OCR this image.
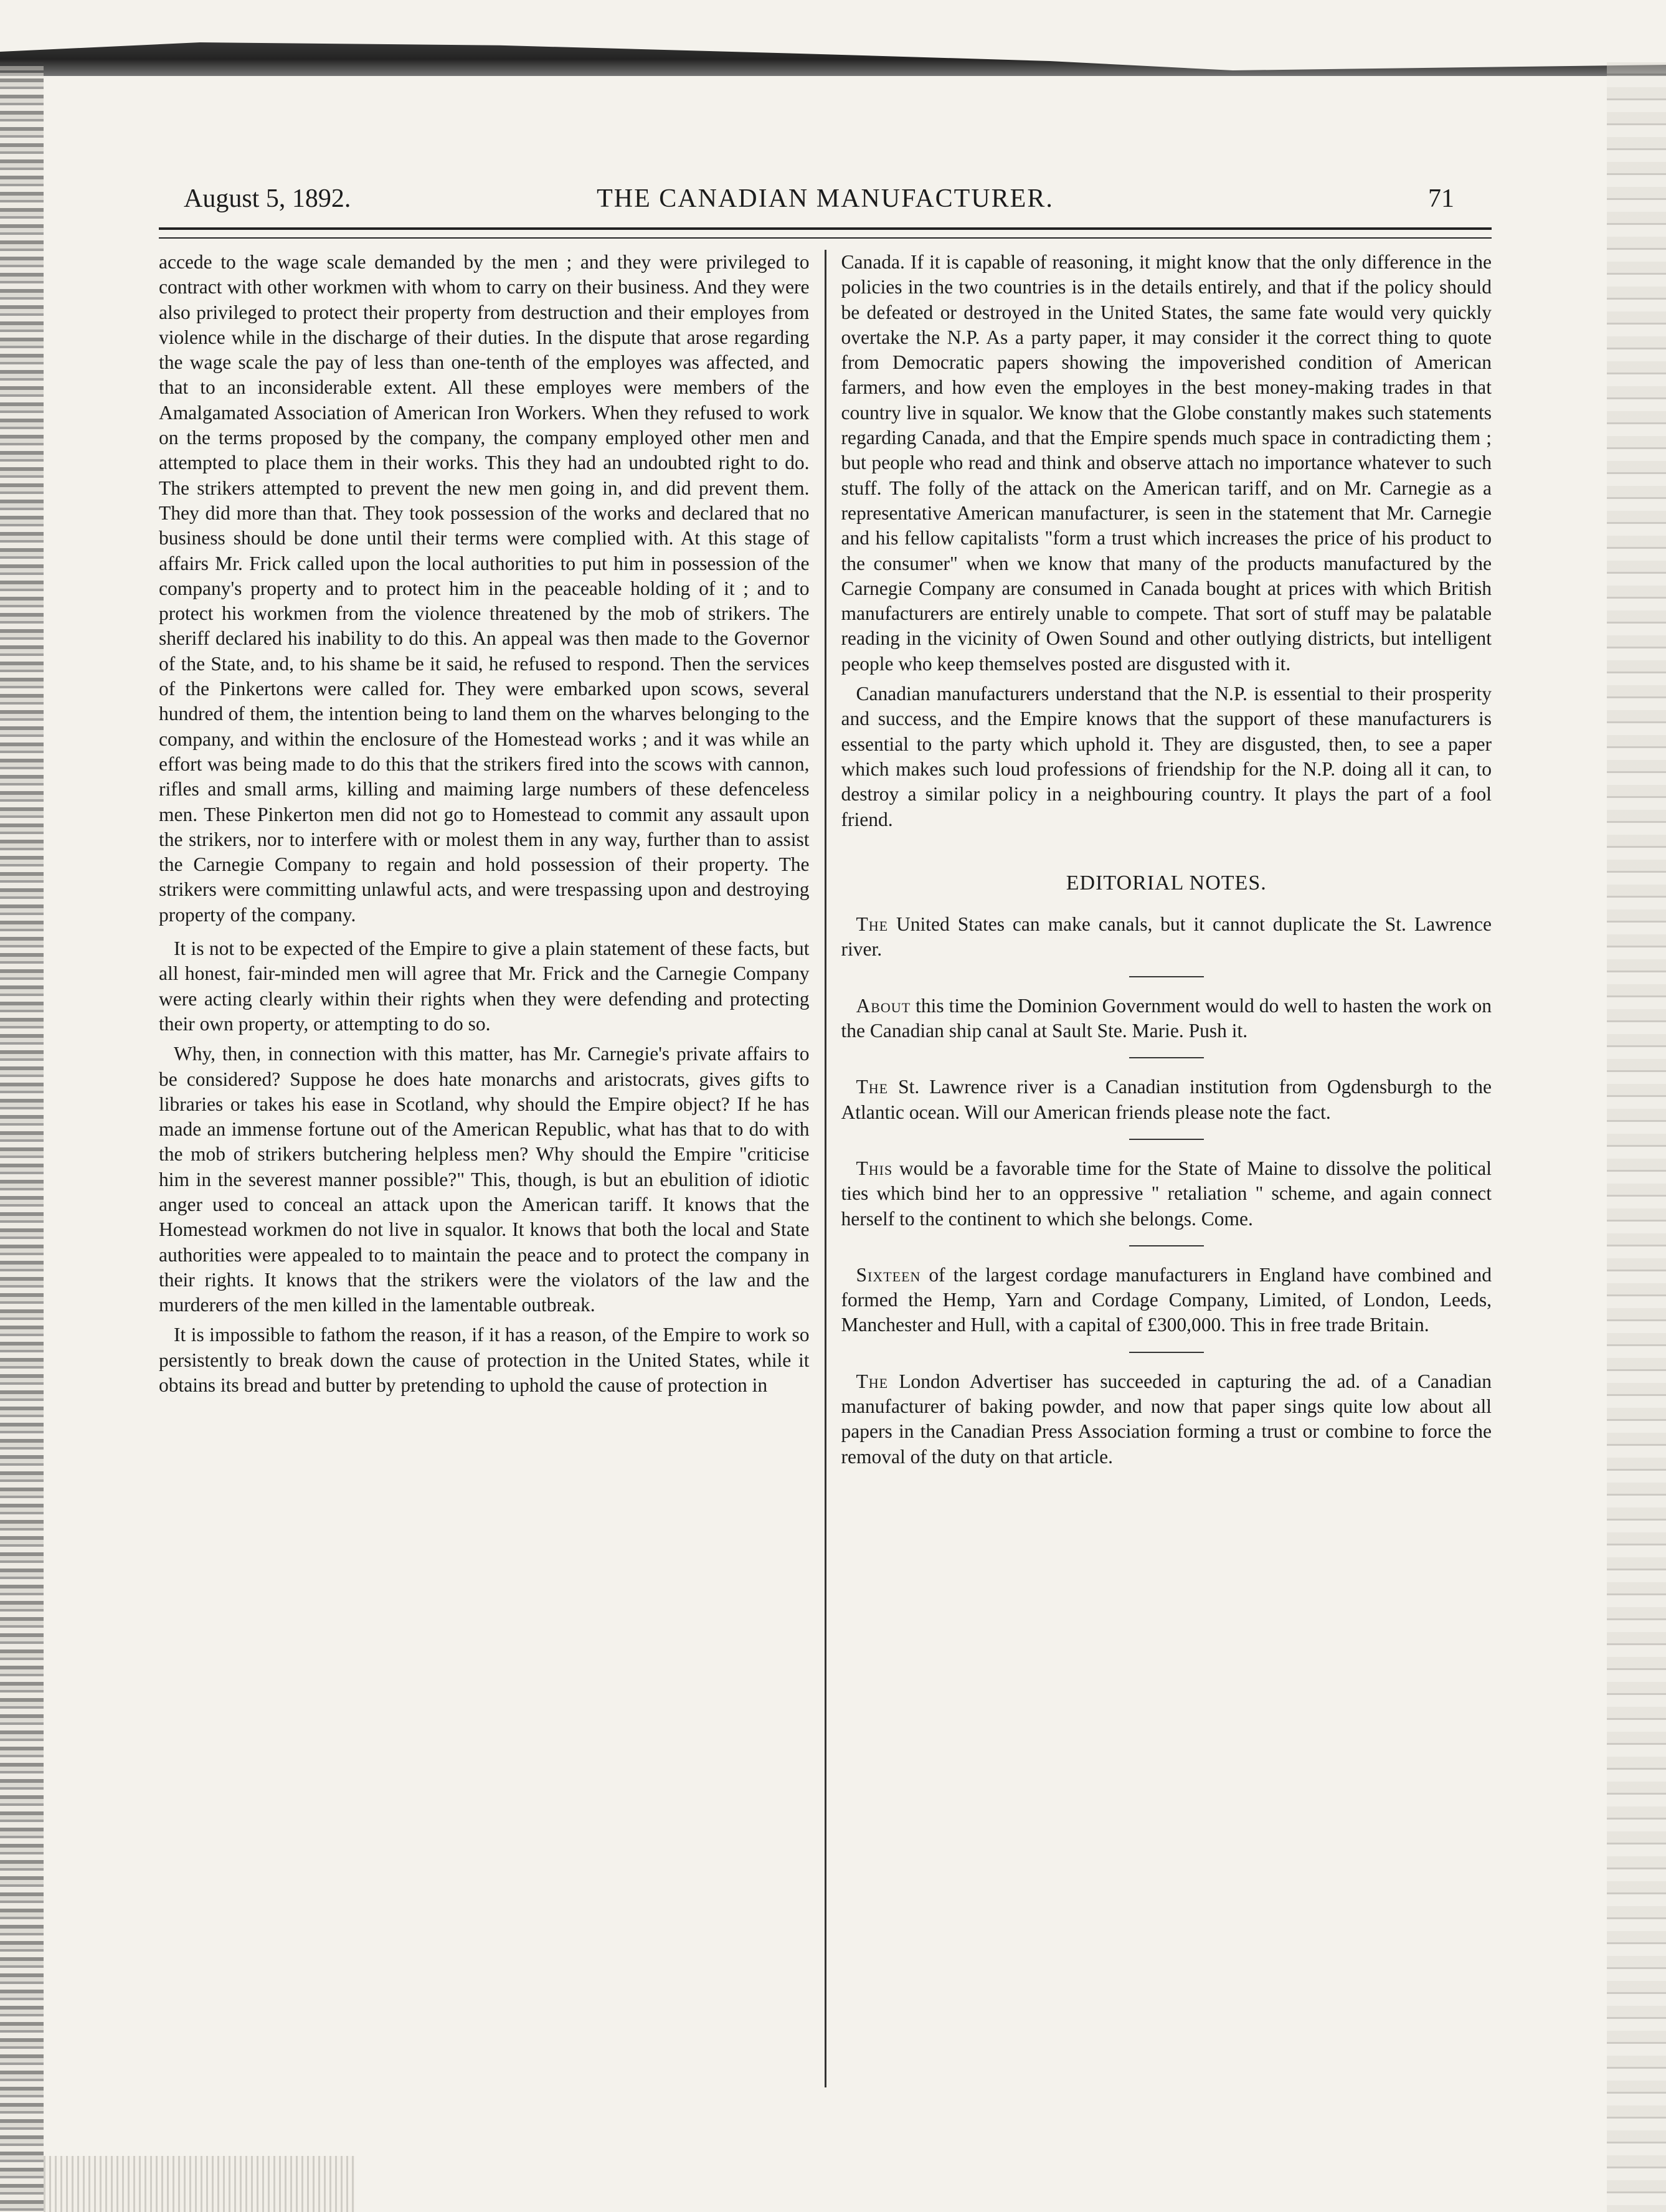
August 5, 1892.	THE CANADIAN MANUFACTURER.	71

accede to the wage scale demanded by the men ; and they were privileged to contract with other workmen with whom to carry on their business. And they were also privileged to protect their property from destruction and their employes from violence while in the discharge of their duties. In the dispute that arose regarding the wage scale the pay of less than one-tenth of the employes was affected, and that to an inconsiderable extent. All these employes were members of the Amalgamated Association of American Iron Workers. When they refused to work on the terms proposed by the company, the company employed other men and attempted to place them in their works. This they had an undoubted right to do. The strikers attempted to prevent the new men going in, and did prevent them. They did more than that. They took possession of the works and declared that no business should be done until their terms were complied with. At this stage of affairs Mr. Frick called upon the local authorities to put him in possession of the company's property and to protect him in the peaceable holding of it ; and to protect his workmen from the violence threatened by the mob of strikers. The sheriff declared his inability to do this. An appeal was then made to the Governor of the State, and, to his shame be it said, he refused to respond. Then the services of the Pinkertons were called for. They were embarked upon scows, several hundred of them, the intention being to land them on the wharves belonging to the company, and within the enclosure of the Homestead works ; and it was while an effort was being made to do this that the strikers fired into the scows with cannon, rifles and small arms, killing and maiming large numbers of these defenceless men. These Pinkerton men did not go to Homestead to commit any assault upon the strikers, nor to interfere with or molest them in any way, further than to assist the Carnegie Company to regain and hold possession of their property. The strikers were committing unlawful acts, and were trespassing upon and destroying property of the company.

It is not to be expected of the Empire to give a plain statement of these facts, but all honest, fair-minded men will agree that Mr. Frick and the Carnegie Company were acting clearly within their rights when they were defending and protecting their own property, or attempting to do so.

Why, then, in connection with this matter, has Mr. Carnegie's private affairs to be considered? Suppose he does hate monarchs and aristocrats, gives gifts to libraries or takes his ease in Scotland, why should the Empire object? If he has made an immense fortune out of the American Republic, what has that to do with the mob of strikers butchering helpless men? Why should the Empire "criticise him in the severest manner possible?" This, though, is but an ebulition of idiotic anger used to conceal an attack upon the American tariff. It knows that the Homestead workmen do not live in squalor. It knows that both the local and State authorities were appealed to to maintain the peace and to protect the company in their rights. It knows that the strikers were the violators of the law and the murderers of the men killed in the lamentable outbreak.

It is impossible to fathom the reason, if it has a reason, of the Empire to work so persistently to break down the cause of protection in the United States, while it obtains its bread and butter by pretending to uphold the cause of protection in

Canada. If it is capable of reasoning, it might know that the only difference in the policies in the two countries is in the details entirely, and that if the policy should be defeated or destroyed in the United States, the same fate would very quickly overtake the N.P. As a party paper, it may consider it the correct thing to quote from Democratic papers showing the impoverished condition of American farmers, and how even the employes in the best money-making trades in that country live in squalor. We know that the Globe constantly makes such statements regarding Canada, and that the Empire spends much space in contradicting them ; but people who read and think and observe attach no importance whatever to such stuff. The folly of the attack on the American tariff, and on Mr. Carnegie as a representative American manufacturer, is seen in the statement that Mr. Carnegie and his fellow capitalists "form a trust which increases the price of his product to the consumer" when we know that many of the products manufactured by the Carnegie Company are consumed in Canada bought at prices with which British manufacturers are entirely unable to compete. That sort of stuff may be palatable reading in the vicinity of Owen Sound and other outlying districts, but intelligent people who keep themselves posted are disgusted with it.

Canadian manufacturers understand that the N.P. is essential to their prosperity and success, and the Empire knows that the support of these manufacturers is essential to the party which uphold it. They are disgusted, then, to see a paper which makes such loud professions of friendship for the N.P. doing all it can, to destroy a similar policy in a neighbouring country. It plays the part of a fool friend.

EDITORIAL NOTES.

The United States can make canals, but it cannot duplicate the St. Lawrence river.

About this time the Dominion Government would do well to hasten the work on the Canadian ship canal at Sault Ste. Marie. Push it.

The St. Lawrence river is a Canadian institution from Ogdensburgh to the Atlantic ocean. Will our American friends please note the fact.

This would be a favorable time for the State of Maine to dissolve the political ties which bind her to an oppressive " retaliation " scheme, and again connect herself to the continent to which she belongs. Come.

Sixteen of the largest cordage manufacturers in England have combined and formed the Hemp, Yarn and Cordage Company, Limited, of London, Leeds, Manchester and Hull, with a capital of £300,000. This in free trade Britain.

The London Advertiser has succeeded in capturing the ad. of a Canadian manufacturer of baking powder, and now that paper sings quite low about all papers in the Canadian Press Association forming a trust or combine to force the removal of the duty on that article.
